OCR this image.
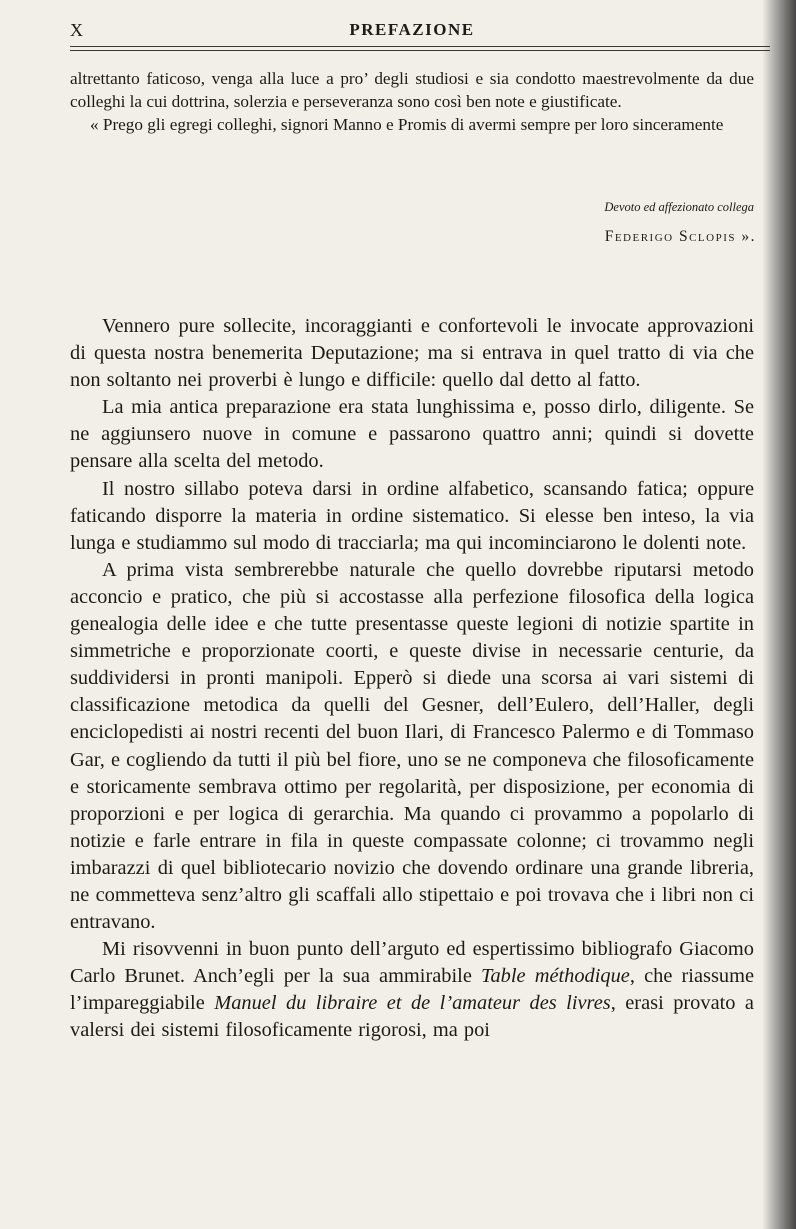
X	PREFAZIONE

altrettanto faticoso, venga alla luce a pro’ degli studiosi e sia condotto maestrevolmente da due colleghi la cui dottrina, solerzia e perseveranza sono così ben note e giustificate.

« Prego gli egregi colleghi, signori Manno e Promis di avermi sempre per loro sinceramente

Devoto ed affezionato collega
Federigo Sclopis ».

Vennero pure sollecite, incoraggianti e confortevoli le invocate approvazioni di questa nostra benemerita Deputazione; ma si entrava in quel tratto di via che non soltanto nei proverbi è lungo e difficile: quello dal detto al fatto.

La mia antica preparazione era stata lunghissima e, posso dirlo, diligente. Se ne aggiunsero nuove in comune e passarono quattro anni; quindi si dovette pensare alla scelta del metodo.

Il nostro sillabo poteva darsi in ordine alfabetico, scansando fatica; oppure faticando disporre la materia in ordine sistematico. Si elesse ben inteso, la via lunga e studiammo sul modo di tracciarla; ma qui incominciarono le dolenti note.

A prima vista sembrerebbe naturale che quello dovrebbe riputarsi metodo acconcio e pratico, che più si accostasse alla perfezione filosofica della logica genealogia delle idee e che tutte presentasse queste legioni di notizie spartite in simmetriche e proporzionate coorti, e queste divise in necessarie centurie, da suddividersi in pronti manipoli. Epperò si diede una scorsa ai vari sistemi di classificazione metodica da quelli del Gesner, dell’Eulero, dell’Haller, degli enciclopedisti ai nostri recenti del buon Ilari, di Francesco Palermo e di Tommaso Gar, e cogliendo da tutti il più bel fiore, uno se ne componeva che filosoficamente e storicamente sembrava ottimo per regolarità, per disposizione, per economia di proporzioni e per logica di gerarchia. Ma quando ci provammo a popolarlo di notizie e farle entrare in fila in queste compassate colonne; ci trovammo negli imbarazzi di quel bibliotecario novizio che dovendo ordinare una grande libreria, ne commetteva senz’altro gli scaffali allo stipettaio e poi trovava che i libri non ci entravano.

Mi risovvenni in buon punto dell’arguto ed espertissimo bibliografo Giacomo Carlo Brunet. Anch’egli per la sua ammirabile Table méthodique, che riassume l’impareggiabile Manuel du libraire et de l’amateur des livres, erasi provato a valersi dei sistemi filosoficamente rigorosi, ma poi
